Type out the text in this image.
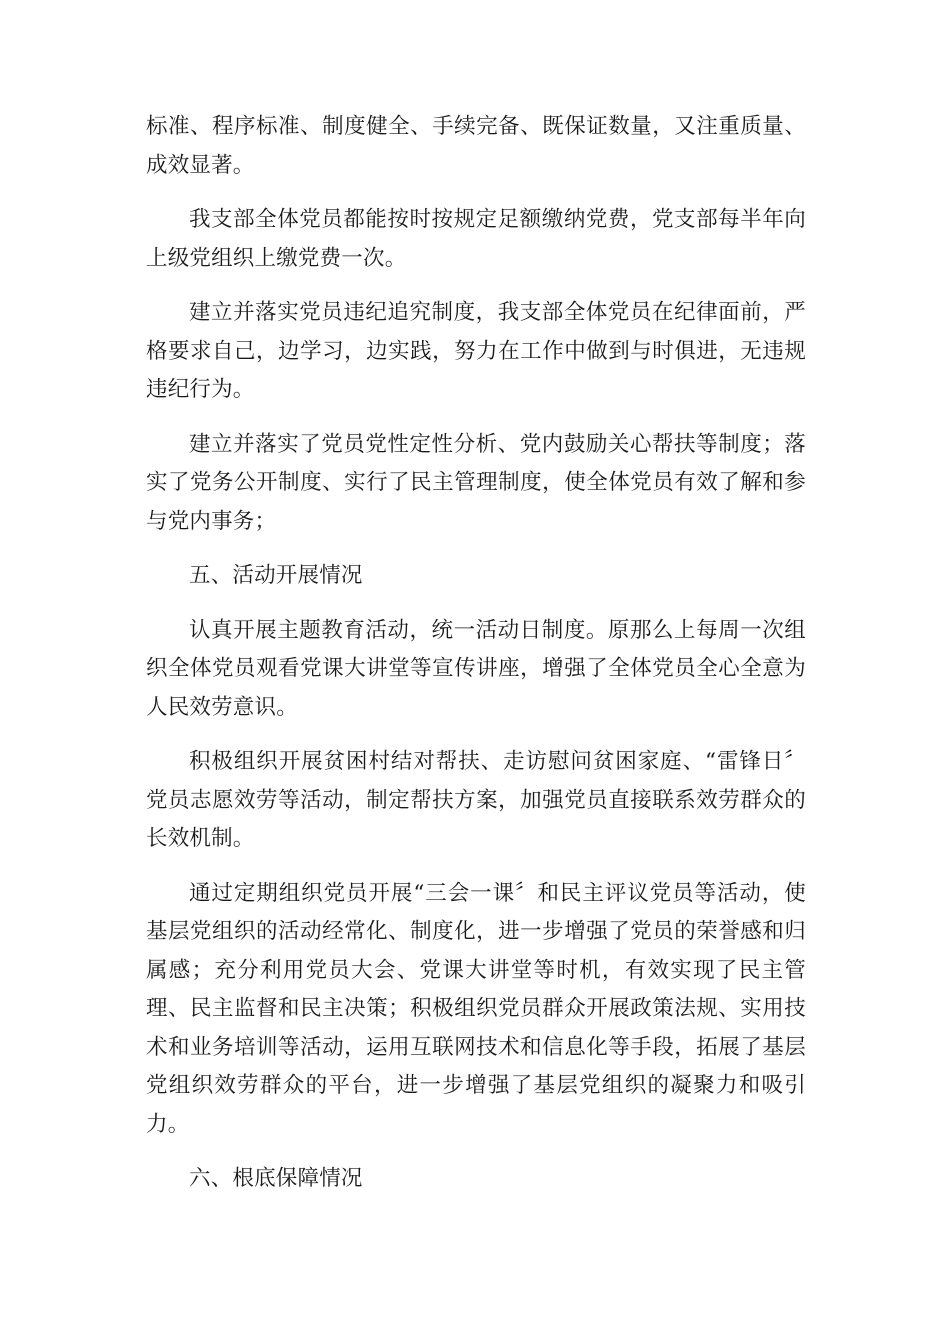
标准、程序标准、制度健全、手续完备、既保证数量，又注重质量、成效显著。

我支部全体党员都能按时按规定足额缴纳党费，党支部每半年向上级党组织上缴党费一次。

建立并落实党员违纪追究制度，我支部全体党员在纪律面前，严格要求自己，边学习，边实践，努力在工作中做到与时俱进，无违规违纪行为。

建立并落实了党员党性定性分析、党内鼓励关心帮扶等制度；落实了党务公开制度、实行了民主管理制度，使全体党员有效了解和参与党内事务；

五、活动开展情况

认真开展主题教育活动，统一活动日制度。原那么上每周一次组织全体党员观看党课大讲堂等宣传讲座，增强了全体党员全心全意为人民效劳意识。

积极组织开展贫困村结对帮扶、走访慰问贫困家庭、“雷锋日〞党员志愿效劳等活动，制定帮扶方案，加强党员直接联系效劳群众的长效机制。

通过定期组织党员开展“三会一课〞和民主评议党员等活动，使基层党组织的活动经常化、制度化，进一步增强了党员的荣誉感和归属感；充分利用党员大会、党课大讲堂等时机，有效实现了民主管理、民主监督和民主决策；积极组织党员群众开展政策法规、实用技术和业务培训等活动，运用互联网技术和信息化等手段，拓展了基层党组织效劳群众的平台，进一步增强了基层党组织的凝聚力和吸引力。

六、根底保障情况
